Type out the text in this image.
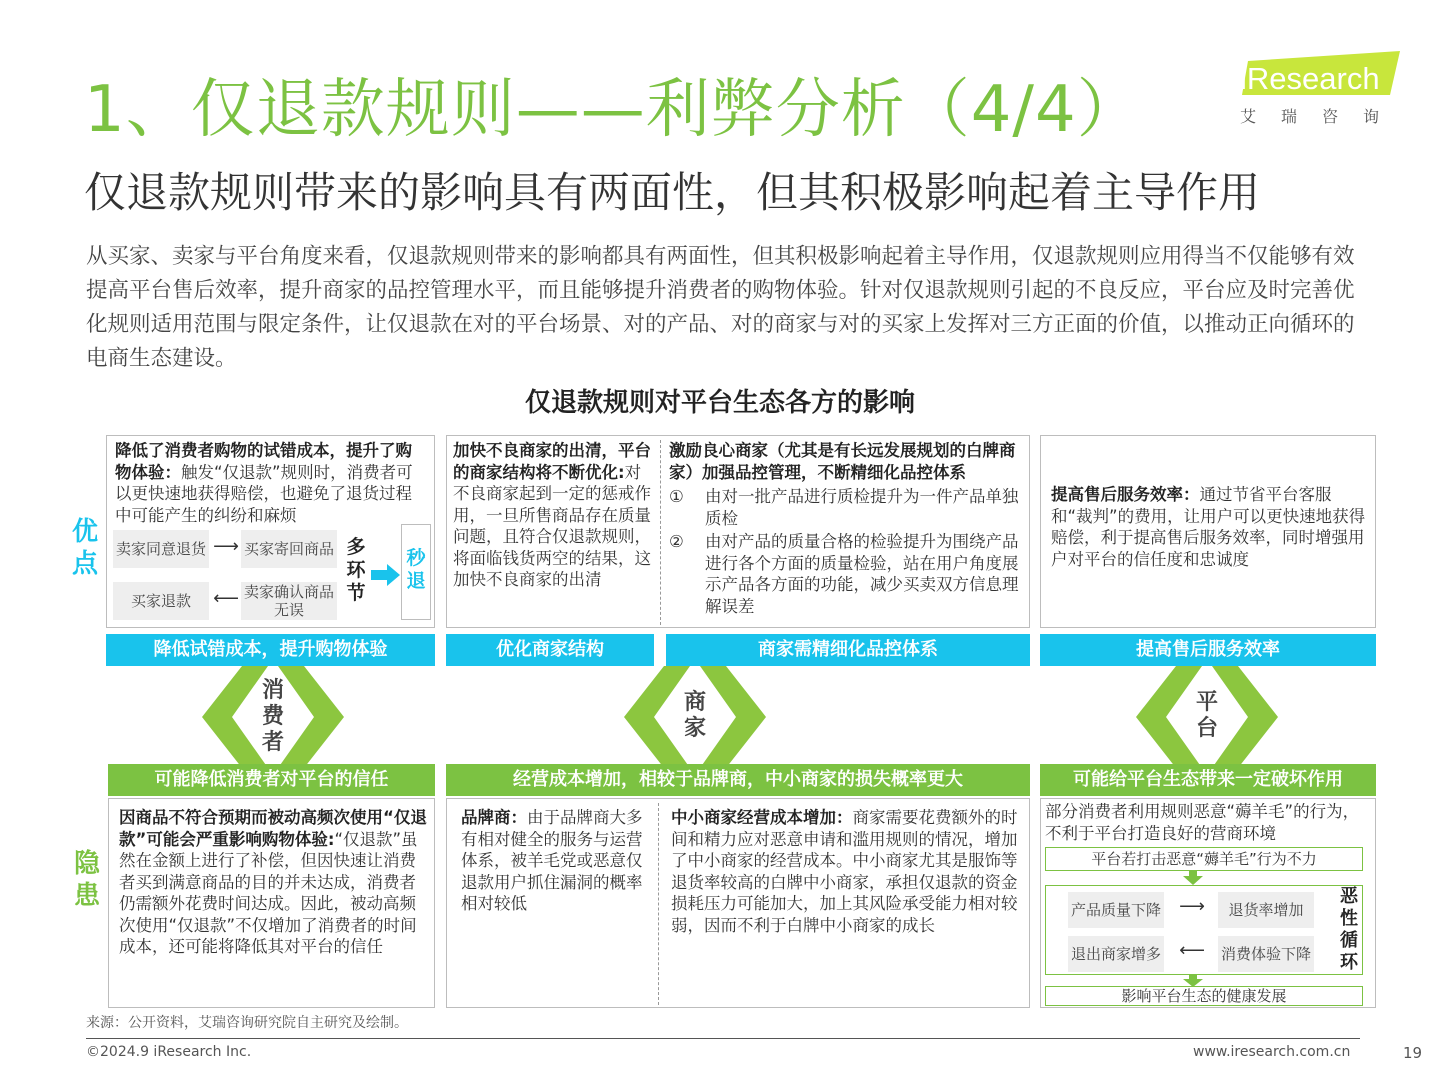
1、仅退款规则——利弊分析（4/4）
仅退款规则带来的影响具有两面性，但其积极影响起着主导作用
从买家、卖家与平台角度来看，仅退款规则带来的影响都具有两面性，但其积极影响起着主导作用，仅退款规则应用得当不仅能够有效提高平台售后效率，提升商家的品控管理水平，而且能够提升消费者的购物体验。针对仅退款规则引起的不良反应，平台应及时完善优化规则适用范围与限定条件，让仅退款在对的平台场景、对的产品、对的商家与对的买家上发挥对三方正面的价值，以推动正向循环的电商生态建设。
iResearch
艾瑞咨询
仅退款规则对平台生态各方的影响
优点
隐患
降低了消费者购物的试错成本，提升了购物体验：触发“仅退款”规则时，消费者可以更快速地获得赔偿，也避免了退货过程中可能产生的纠纷和麻烦
卖家同意退货 ⟶ 买家寄回商品
买家退款	⟵ 卖家确认商品无误
多环节
秒退
加快不良商家的出清，平台的商家结构将不断优化:对不良商家起到一定的惩戒作用，一旦所售商品存在质量问题，且符合仅退款规则，将面临钱货两空的结果，这加快不良商家的出清
激励良心商家（尤其是有长远发展规划的白牌商家）加强品控管理，不断精细化品控体系
①	由对一批产品进行质检提升为一件产品单独质检
②	由对产品的质量合格的检验提升为围绕产品进行各个方面的质量检验，站在用户角度展示产品各方面的功能，减少买卖双方信息理解误差
提高售后服务效率：通过节省平台客服和“裁判”的费用，让用户可以更快速地获得赔偿，利于提高售后服务效率，同时增强用户对平台的信任度和忠诚度
降低试错成本，提升购物体验	优化商家结构	商家需精细化品控体系	提高售后服务效率
消费者
商家
平台
可能降低消费者对平台的信任	经营成本增加，相较于品牌商，中小商家的损失概率更大	可能给平台生态带来一定破坏作用
因商品不符合预期而被动高频次使用“仅退款”可能会严重影响购物体验:“仅退款”虽然在金额上进行了补偿，但因快速让消费者买到满意商品的目的并未达成，消费者仍需额外花费时间达成。因此，被动高频次使用“仅退款”不仅增加了消费者的时间成本，还可能将降低其对平台的信任
品牌商：由于品牌商大多有相对健全的服务与运营体系，被羊毛党或恶意仅退款用户抓住漏洞的概率相对较低
中小商家经营成本增加：商家需要花费额外的时间和精力应对恶意申请和滥用规则的情况，增加了中小商家的经营成本。中小商家尤其是服饰等退货率较高的白牌中小商家，承担仅退款的资金损耗压力可能加大，加上其风险承受能力相对较弱，因而不利于白牌中小商家的成长
部分消费者利用规则恶意“薅羊毛”的行为，不利于平台打造良好的营商环境
平台若打击恶意“薅羊毛”行为不力
产品质量下降	⟶	退货率增加
退出商家增多	⟵	消费体验下降
恶性循环
影响平台生态的健康发展
来源：公开资料，艾瑞咨询研究院自主研究及绘制。
©2024.9 iResearch Inc.	www.iresearch.com.cn	19
